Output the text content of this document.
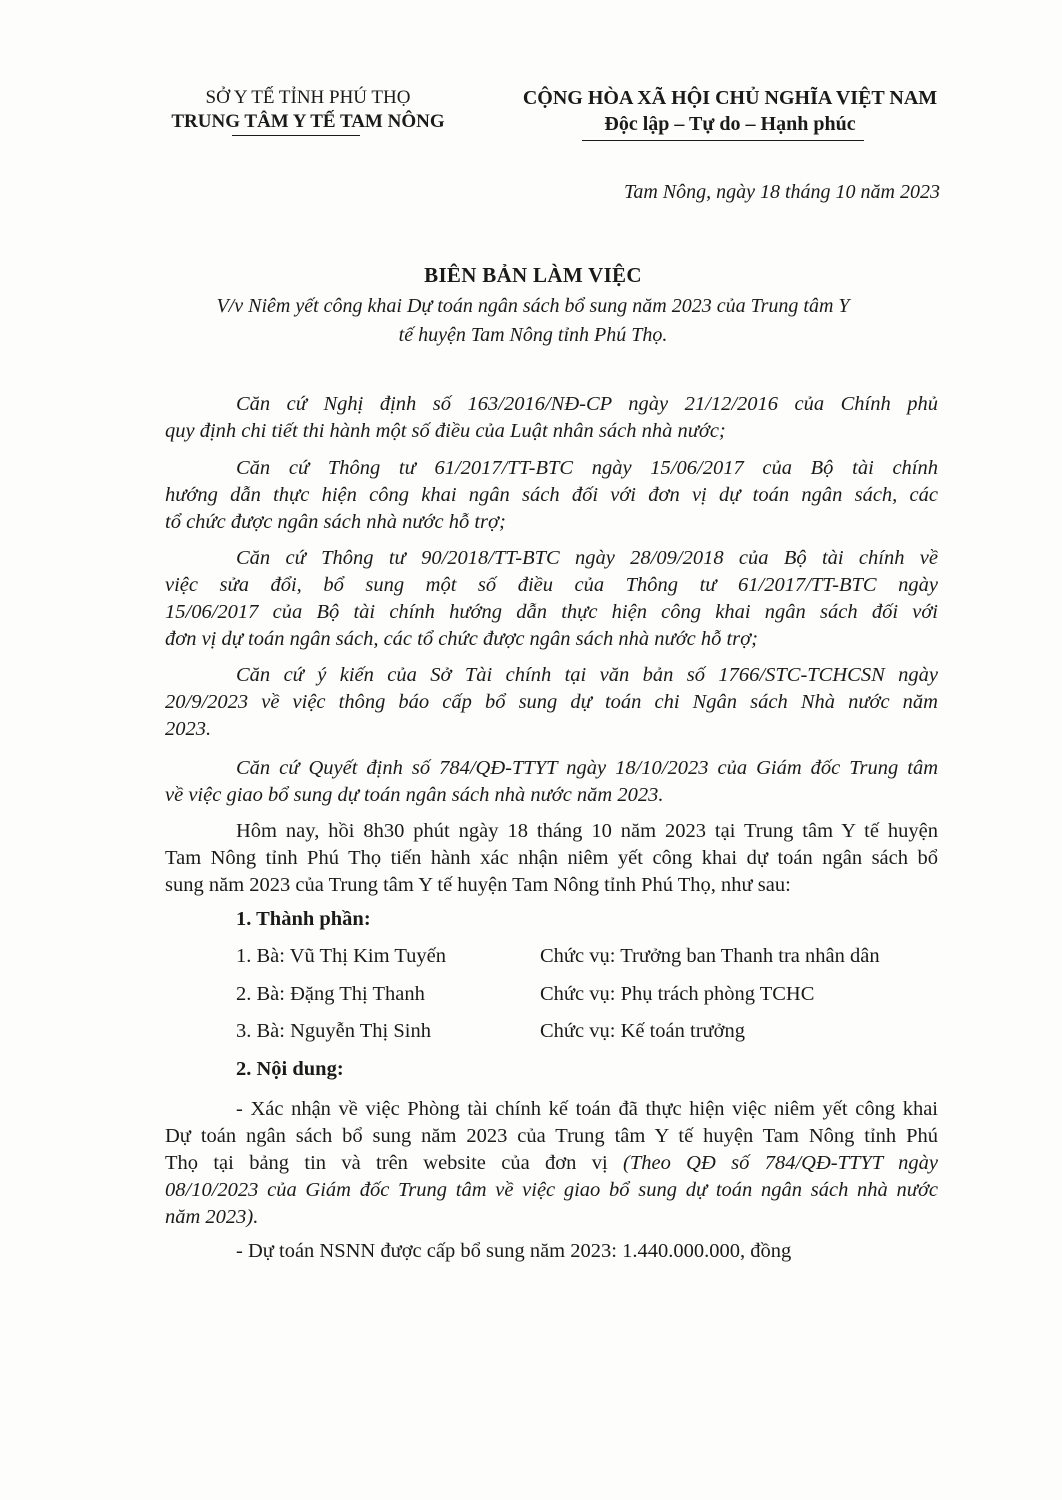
SỞ Y TẾ TỈNH PHÚ THỌ
TRUNG TÂM Y TẾ TAM NÔNG
CỘNG HÒA XÃ HỘI CHỦ NGHĨA VIỆT NAM
Độc lập – Tự do – Hạnh phúc
Tam Nông, ngày 18 tháng 10 năm 2023
BIÊN BẢN LÀM VIỆC
V/v Niêm yết công khai Dự toán ngân sách bổ sung năm 2023 của Trung tâm Y
tế huyện Tam Nông tỉnh Phú Thọ.
Căn cứ Nghị định số 163/2016/NĐ-CP ngày 21/12/2016 của Chính phủ
quy định chi tiết thi hành một số điều của Luật nhân sách nhà nước;
Căn cứ Thông tư 61/2017/TT-BTC ngày 15/06/2017 của Bộ tài chính
hướng dẫn thực hiện công khai ngân sách đối với đơn vị dự toán ngân sách, các
tổ chức được ngân sách nhà nước hỗ trợ;
Căn cứ Thông tư 90/2018/TT-BTC ngày 28/09/2018 của Bộ tài chính về
việc sửa đổi, bổ sung một số điều của Thông tư 61/2017/TT-BTC ngày
15/06/2017 của Bộ tài chính hướng dẫn thực hiện công khai ngân sách đối với
đơn vị dự toán ngân sách, các tổ chức được ngân sách nhà nước hỗ trợ;
Căn cứ ý kiến của Sở Tài chính tại văn bản số 1766/STC-TCHCSN ngày
20/9/2023 về việc thông báo cấp bổ sung dự toán chi Ngân sách Nhà nước năm
2023.
Căn cứ Quyết định số 784/QĐ-TTYT ngày 18/10/2023 của Giám đốc Trung tâm
về việc giao bổ sung dự toán ngân sách nhà nước năm 2023.
Hôm nay, hồi 8h30 phút ngày 18 tháng 10 năm 2023 tại Trung tâm Y tế huyện
Tam Nông tỉnh Phú Thọ tiến hành xác nhận niêm yết công khai dự toán ngân sách bổ
sung năm 2023 của Trung tâm Y tế huyện Tam Nông tỉnh Phú Thọ, như sau:
1. Thành phần:
1. Bà: Vũ Thị Kim Tuyến	Chức vụ: Trưởng ban Thanh tra nhân dân
2. Bà: Đặng Thị Thanh	Chức vụ: Phụ trách phòng TCHC
3. Bà: Nguyễn Thị Sinh	Chức vụ: Kế toán trưởng
2. Nội dung:
- Xác nhận về việc Phòng tài chính kế toán đã thực hiện việc niêm yết công khai
Dự toán ngân sách bổ sung năm 2023 của Trung tâm Y tế huyện Tam Nông tỉnh Phú
Thọ tại bảng tin và trên website của đơn vị (Theo QĐ số 784/QĐ-TTYT ngày
08/10/2023 của Giám đốc Trung tâm về việc giao bổ sung dự toán ngân sách nhà nước
năm 2023).
- Dự toán NSNN được cấp bổ sung năm 2023: 1.440.000.000, đồng
